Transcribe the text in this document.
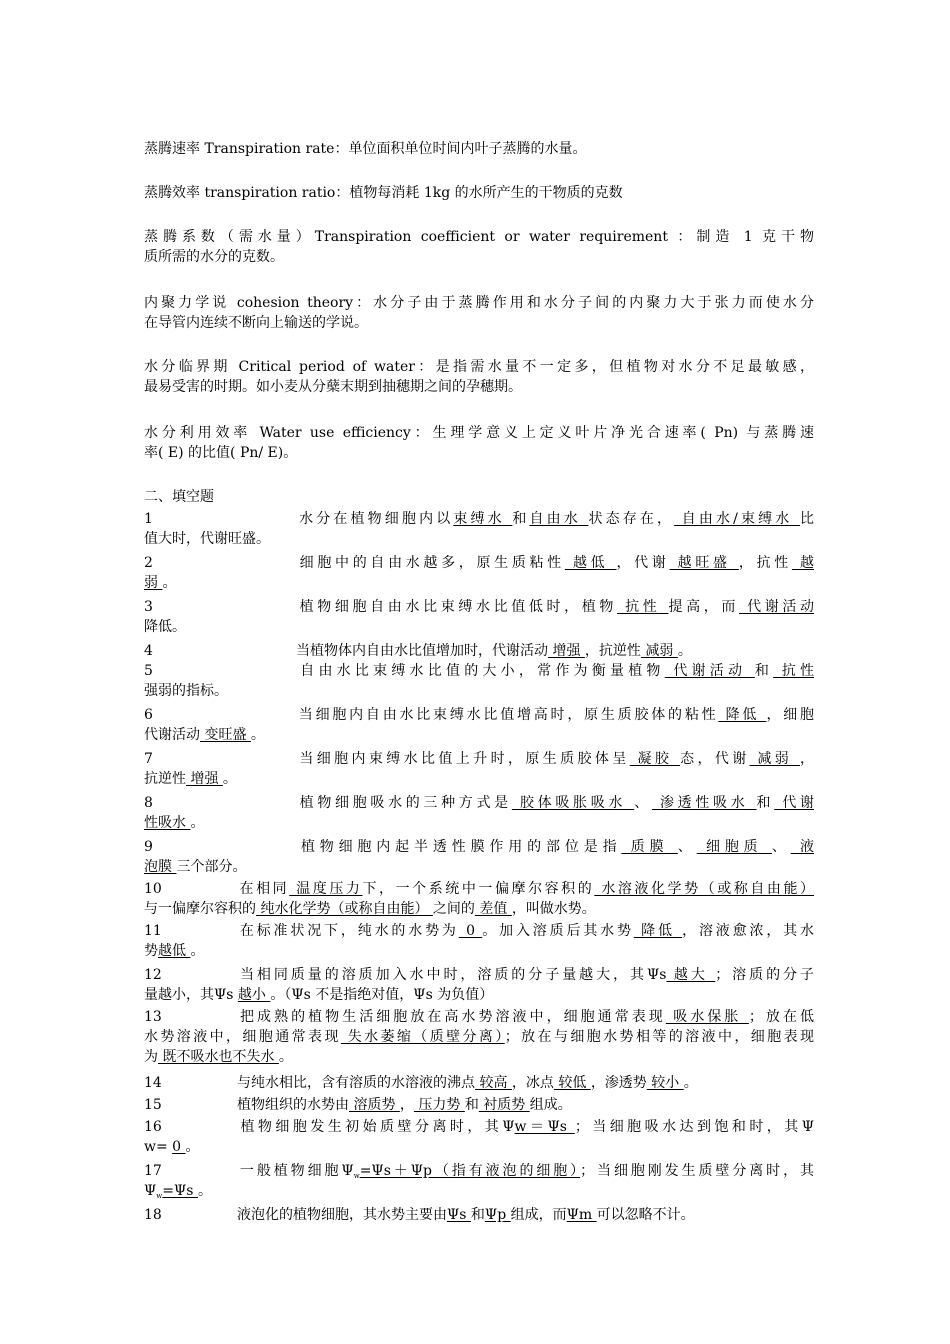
蒸腾速率 Transpiration rate：单位面积单位时间内叶子蒸腾的水量。
蒸腾效率 transpiration ratio：植物每消耗 1kg 的水所产生的干物质的克数
蒸腾系数（需水量）Transpiration coefficient or water requirement ：制造 1 克干物
质所需的水分的克数。
内聚力学说 cohesion theory：水分子由于蒸腾作用和水分子间的内聚力大于张力而使水分
在导管内连续不断向上输送的学说。
水分临界期 Critical period of water：是指需水量不一定多，但植物对水分不足最敏感，
最易受害的时期。如小麦从分蘖末期到抽穗期之间的孕穗期。
水分利用效率 Water use efficiency：生理学意义上定义叶片净光合速率( Pn) 与蒸腾速
率( E) 的比值( Pn/ E)。
二、填空题
1	水分在植物细胞内以束缚水 和自由水 状态存在， 自由水/束缚水 比
值大时，代谢旺盛。
2	细胞中的自由水越多，原生质粘性 越低 ，代谢 越旺盛 ，抗性 越
弱 。
3	植物细胞自由水比束缚水比值低时，植物 抗性 提高，而 代谢活动
降低。
4	当植物体内自由水比值增加时，代谢活动 增强 ，抗逆性 减弱 。
5	自由水比束缚水比值的大小，常作为衡量植物 代谢活动 和 抗性
强弱的指标。
6	当细胞内自由水比束缚水比值增高时，原生质胶体的粘性 降低 ，细胞
代谢活动 变旺盛 。
7	当细胞内束缚水比值上升时，原生质胶体呈 凝胶 态，代谢 减弱 ，
抗逆性 增强 。
8	植物细胞吸水的三种方式是 胶体吸胀吸水 、 渗透性吸水 和 代谢
性吸水 。
9	植物细胞内起半透性膜作用的部位是指 质膜 、 细胞质 、 液
泡膜 三个部分。
10	在相同 温度压力下，一个系统中一偏摩尔容积的 水溶液化学势（或称自由能）
与一偏摩尔容积的 纯水化学势（或称自由能） 之间的 差值 ，叫做水势。
11	在标准状况下，纯水的水势为 0 。加入溶质后其水势 降低 ，溶液愈浓，其水
势越低 。
12	当相同质量的溶质加入水中时，溶质的分子量越大，其Ψs 越大 ；溶质的分子
量越小，其Ψs 越小 。（Ψs 不是指绝对值，Ψs 为负值）
13	把成熟的植物生活细胞放在高水势溶液中，细胞通常表现 吸水保胀 ；放在低
水势溶液中，细胞通常表现 失水萎缩（质壁分离）；放在与细胞水势相等的溶液中，细胞表现
为 既不吸水也不失水 。
14	与纯水相比，含有溶质的水溶液的沸点 较高 ，冰点 较低 ，渗透势 较小 。
15	植物组织的水势由 溶质势 ， 压力势 和 衬质势 组成。
16	植物细胞发生初始质壁分离时，其Ψw＝Ψs ；当细胞吸水达到饱和时，其Ψ
w= 0 。
17	一般植物细胞$\Psi_w=\Psi s+\Psi p$（指有液泡的细胞）；当细胞刚发生质壁分离时，其
$\Psi_w=\Psi s$ 。
18	液泡化的植物细胞，其水势主要由Ψs 和Ψp 组成，而Ψm 可以忽略不计。
